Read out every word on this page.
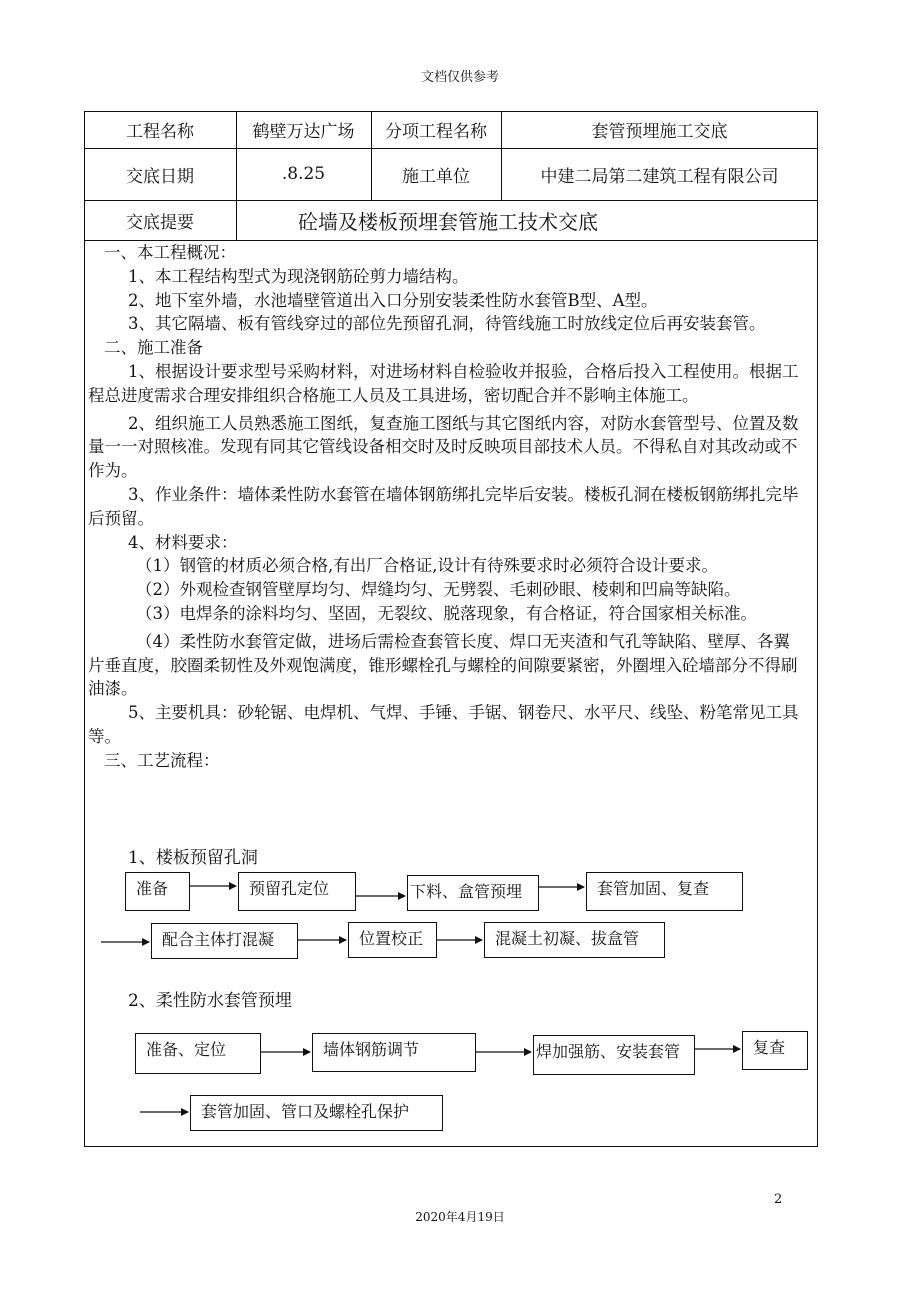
文档仅供参考
工程名称	鹤壁万达广场	分项工程名称	套管预埋施工交底
交底日期	.8.25	施工单位	中建二局第二建筑工程有限公司
交底提要	砼墙及楼板预埋套管施工技术交底

一、本工程概况：

1、本工程结构型式为现浇钢筋砼剪力墙结构。

2、地下室外墙，水池墙壁管道出入口分别安装柔性防水套管B型、A型。

3、其它隔墙、板有管线穿过的部位先预留孔洞，待管线施工时放线定位后再安装套管。

二、施工准备

1、根据设计要求型号采购材料，对进场材料自检验收并报验，合格后投入工程使用。根据工程总进度需求合理安排组织合格施工人员及工具进场，密切配合并不影响主体施工。

2、组织施工人员熟悉施工图纸，复查施工图纸与其它图纸内容，对防水套管型号、位置及数量一一对照核准。发现有同其它管线设备相交时及时反映项目部技术人员。不得私自对其改动或不作为。

3、作业条件：墙体柔性防水套管在墙体钢筋绑扎完毕后安装。楼板孔洞在楼板钢筋绑扎完毕后预留。

4、材料要求：

（1）钢管的材质必须合格,有出厂合格证,设计有待殊要求时必须符合设计要求。

（2）外观检查钢管壁厚均匀、焊缝均匀、无劈裂、毛刺砂眼、棱刺和凹扁等缺陷。

（3）电焊条的涂料均匀、坚固，无裂纹、脱落现象，有合格证，符合国家相关标准。

（4）柔性防水套管定做，进场后需检查套管长度、焊口无夹渣和气孔等缺陷、壁厚、各翼片垂直度，胶圈柔韧性及外观饱满度，锥形螺栓孔与螺栓的间隙要紧密，外圈埋入砼墙部分不得刷油漆。

5、主要机具：砂轮锯、电焊机、气焊、手锤、手锯、钢卷尺、水平尺、线坠、粉笔常见工具等。

三、工艺流程：

1、楼板预留孔洞
准备	预留孔定位	下料、盒管预埋	套管加固、复查
配合主体打混凝	位置校正	混凝土初凝、拔盒管
2、柔性防水套管预埋
准备、定位	墙体钢筋调节	焊加强筋、安装套管	复查
套管加固、管口及螺栓孔保护
2
2020年4月19日
